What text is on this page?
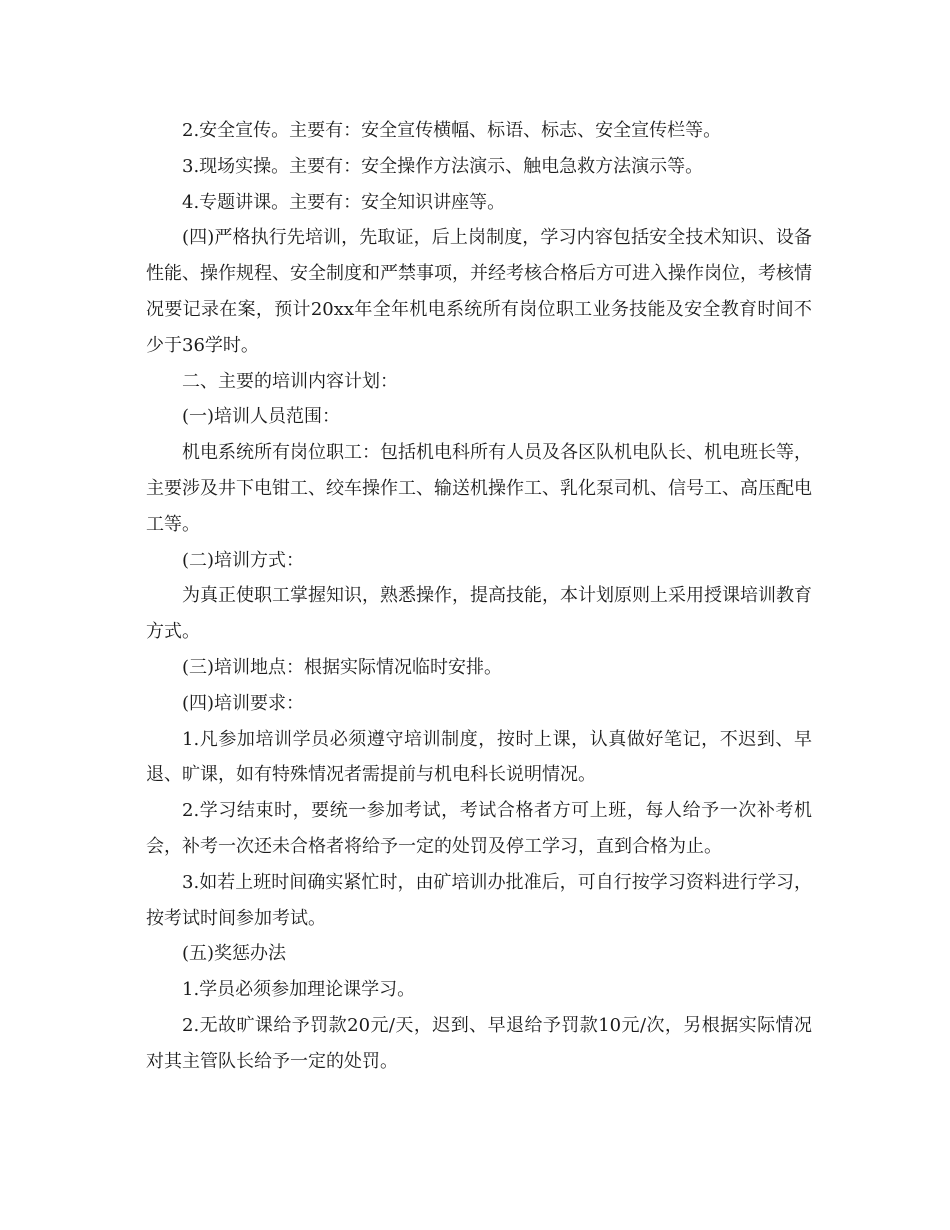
2.安全宣传。主要有：安全宣传横幅、标语、标志、安全宣传栏等。

3.现场实操。主要有：安全操作方法演示、触电急救方法演示等。

4.专题讲课。主要有：安全知识讲座等。

(四)严格执行先培训，先取证，后上岗制度，学习内容包括安全技术知识、设备性能、操作规程、安全制度和严禁事项，并经考核合格后方可进入操作岗位，考核情况要记录在案，预计20xx年全年机电系统所有岗位职工业务技能及安全教育时间不少于36学时。

二、主要的培训内容计划：

(一)培训人员范围：

机电系统所有岗位职工：包括机电科所有人员及各区队机电队长、机电班长等，主要涉及井下电钳工、绞车操作工、输送机操作工、乳化泵司机、信号工、高压配电工等。

(二)培训方式：

为真正使职工掌握知识，熟悉操作，提高技能，本计划原则上采用授课培训教育方式。

(三)培训地点：根据实际情况临时安排。

(四)培训要求：

1.凡参加培训学员必须遵守培训制度，按时上课，认真做好笔记，不迟到、早退、旷课，如有特殊情况者需提前与机电科长说明情况。

2.学习结束时，要统一参加考试，考试合格者方可上班，每人给予一次补考机会，补考一次还未合格者将给予一定的处罚及停工学习，直到合格为止。

3.如若上班时间确实紧忙时，由矿培训办批准后，可自行按学习资料进行学习，按考试时间参加考试。

(五)奖惩办法

1.学员必须参加理论课学习。

2.无故旷课给予罚款20元/天，迟到、早退给予罚款10元/次，另根据实际情况对其主管队长给予一定的处罚。
